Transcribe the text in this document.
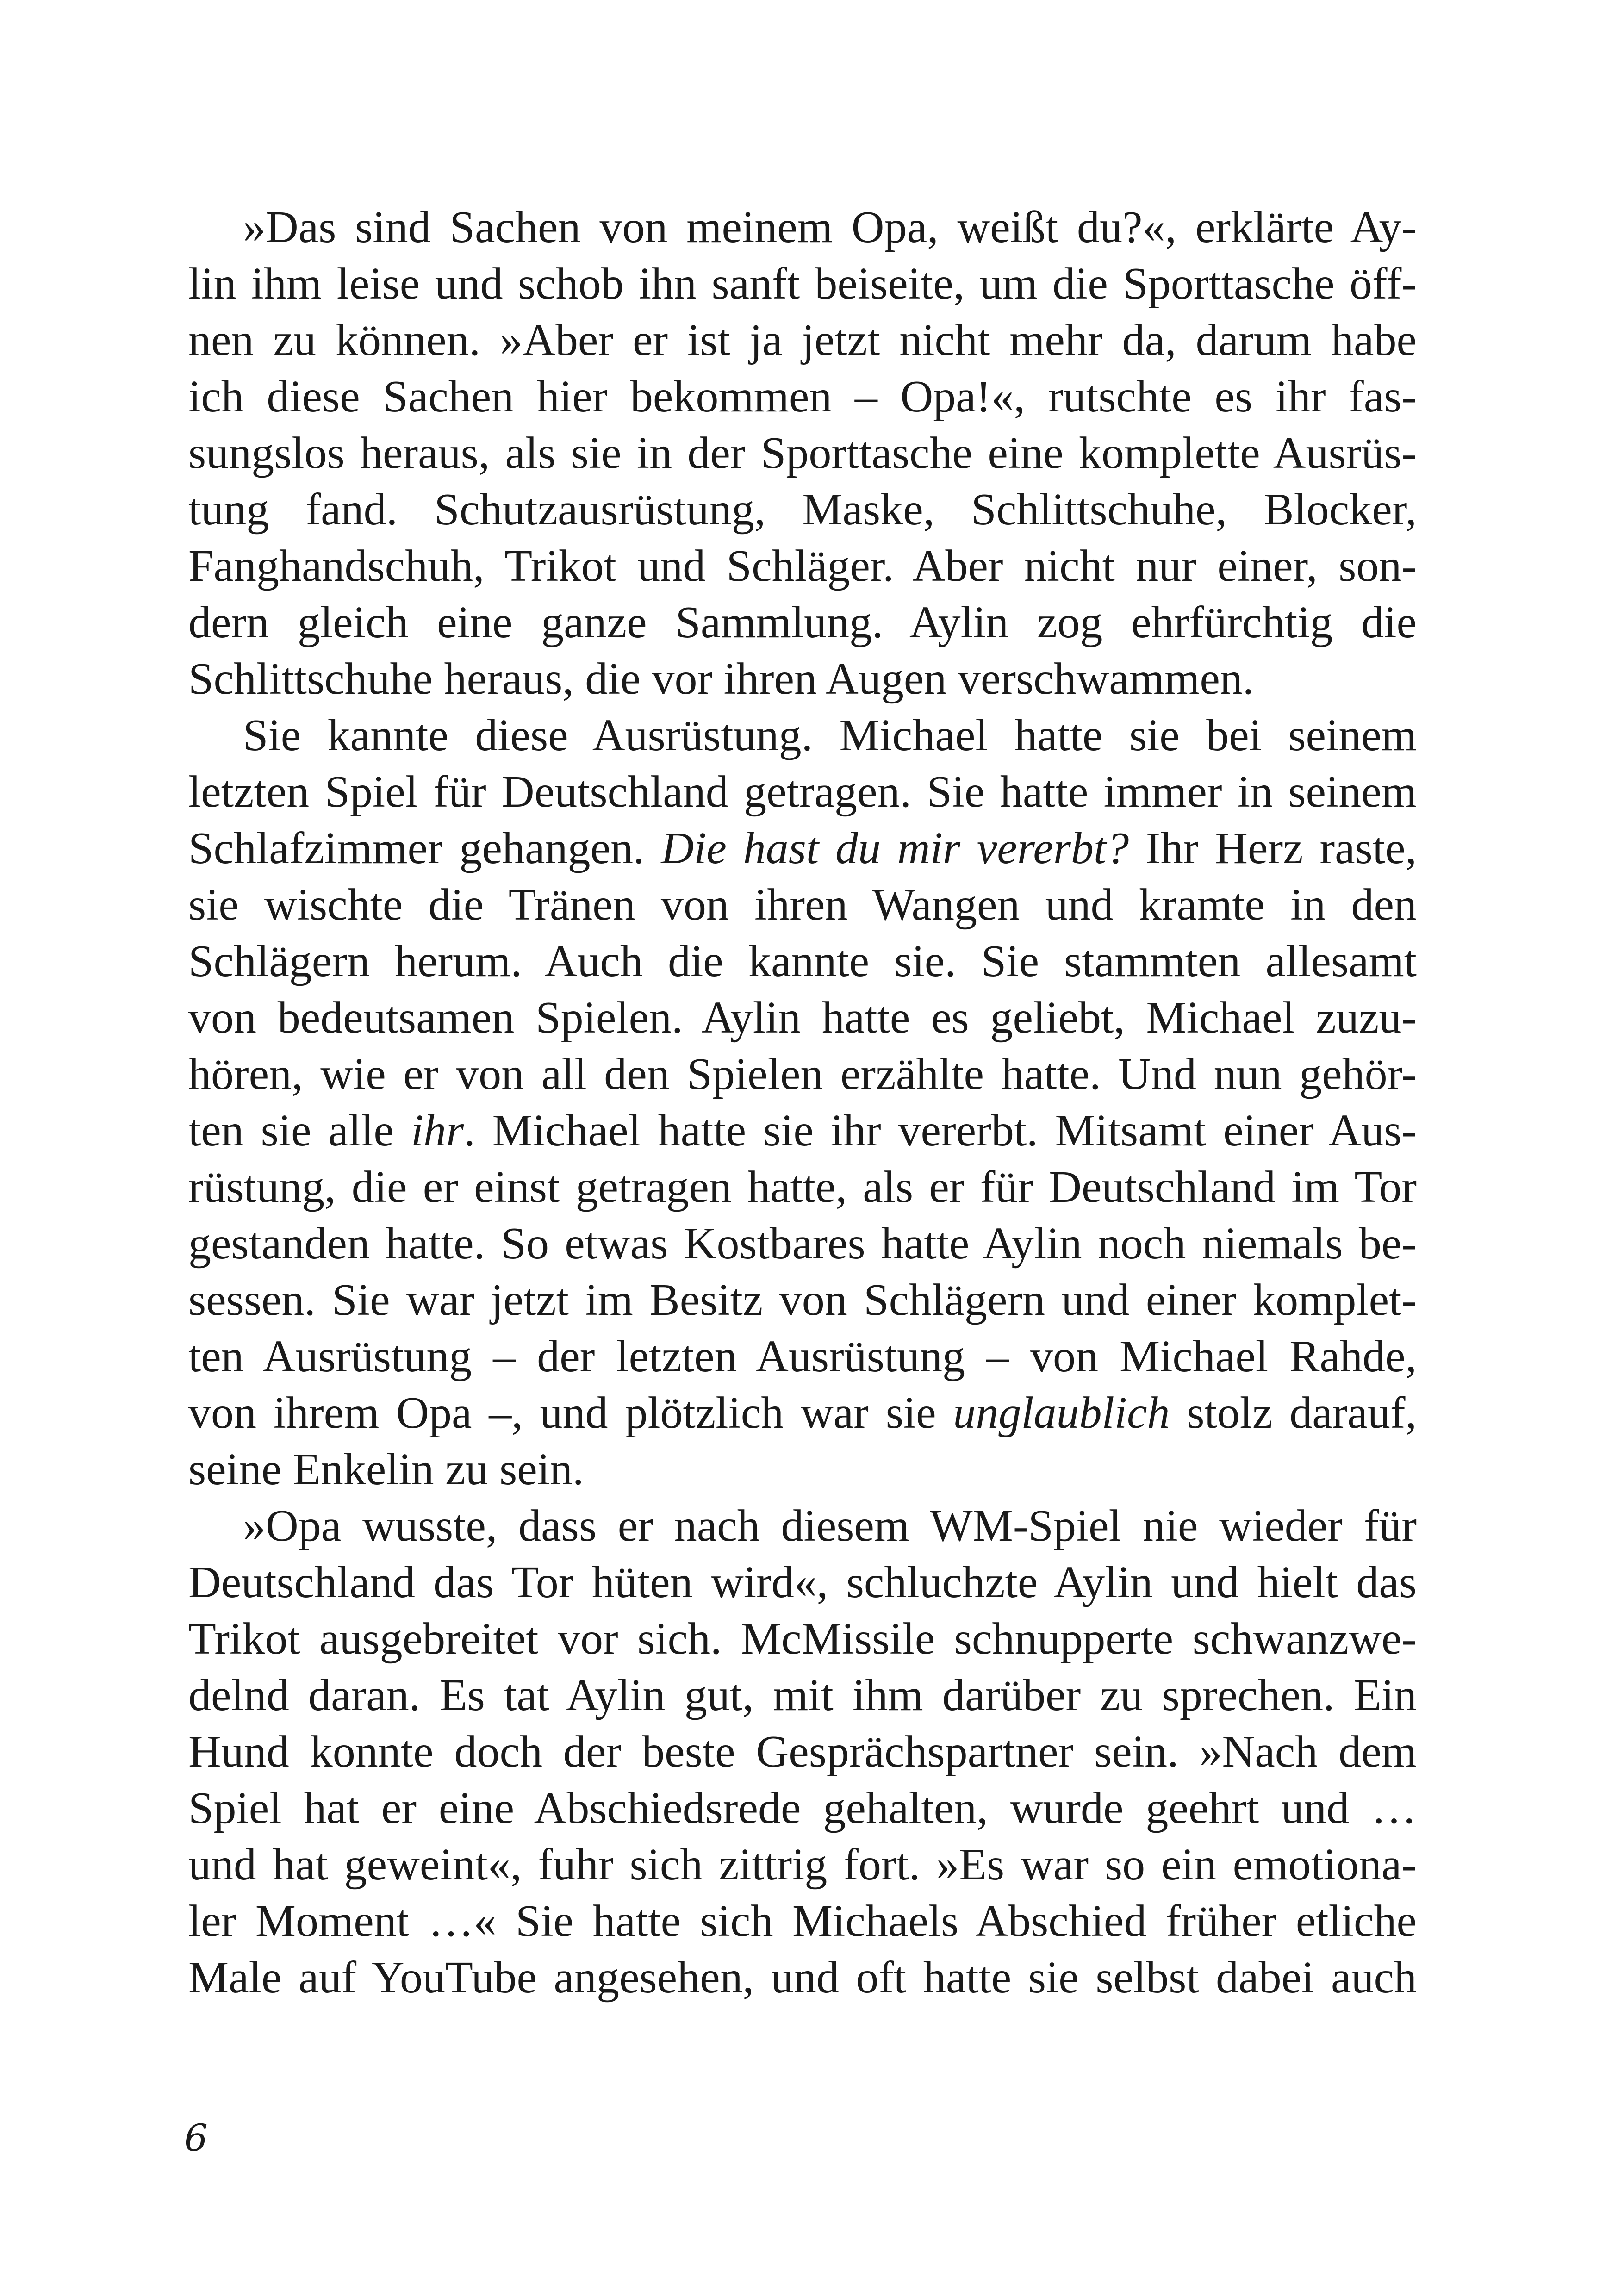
»Das sind Sachen von meinem Opa, weißt du?«, erklärte Ay-
lin ihm leise und schob ihn sanft beiseite, um die Sporttasche öff-
nen zu können. »Aber er ist ja jetzt nicht mehr da, darum habe
ich diese Sachen hier bekommen – Opa!«, rutschte es ihr fas-
sungslos heraus, als sie in der Sporttasche eine komplette Ausrüs-
tung fand. Schutzausrüstung, Maske, Schlittschuhe, Blocker,
Fanghandschuh, Trikot und Schläger. Aber nicht nur einer, son-
dern gleich eine ganze Sammlung. Aylin zog ehrfürchtig die
Schlittschuhe heraus, die vor ihren Augen verschwammen.
Sie kannte diese Ausrüstung. Michael hatte sie bei seinem
letzten Spiel für Deutschland getragen. Sie hatte immer in seinem
Schlafzimmer gehangen. Die hast du mir vererbt? Ihr Herz raste,
sie wischte die Tränen von ihren Wangen und kramte in den
Schlägern herum. Auch die kannte sie. Sie stammten allesamt
von bedeutsamen Spielen. Aylin hatte es geliebt, Michael zuzu-
hören, wie er von all den Spielen erzählte hatte. Und nun gehör-
ten sie alle ihr. Michael hatte sie ihr vererbt. Mitsamt einer Aus-
rüstung, die er einst getragen hatte, als er für Deutschland im Tor
gestanden hatte. So etwas Kostbares hatte Aylin noch niemals be-
sessen. Sie war jetzt im Besitz von Schlägern und einer komplet-
ten Ausrüstung – der letzten Ausrüstung – von Michael Rahde,
von ihrem Opa –, und plötzlich war sie unglaublich stolz darauf,
seine Enkelin zu sein.
»Opa wusste, dass er nach diesem WM-Spiel nie wieder für
Deutschland das Tor hüten wird«, schluchzte Aylin und hielt das
Trikot ausgebreitet vor sich. McMissile schnupperte schwanzwe-
delnd daran. Es tat Aylin gut, mit ihm darüber zu sprechen. Ein
Hund konnte doch der beste Gesprächspartner sein. »Nach dem
Spiel hat er eine Abschiedsrede gehalten, wurde geehrt und …
und hat geweint«, fuhr sich zittrig fort. »Es war so ein emotiona-
ler Moment …« Sie hatte sich Michaels Abschied früher etliche
Male auf YouTube angesehen, und oft hatte sie selbst dabei auch
6
